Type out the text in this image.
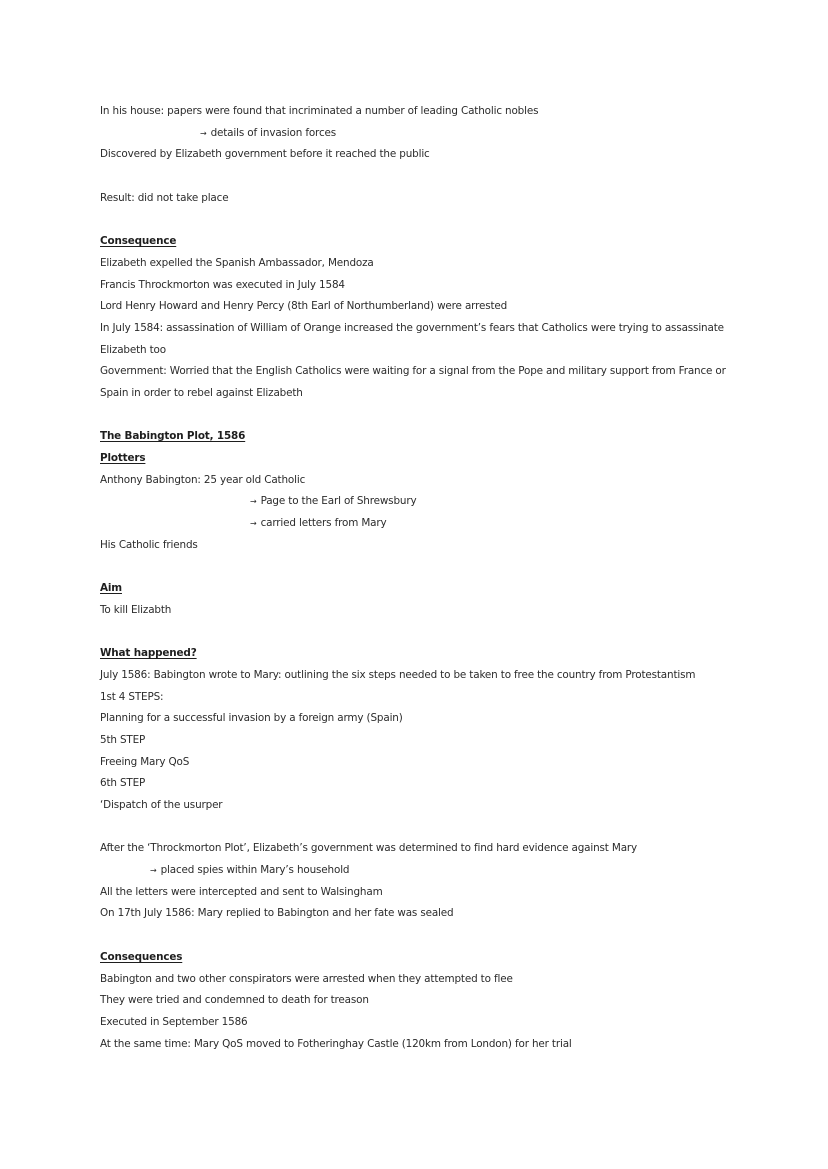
In his house: papers were found that incriminated a number of leading Catholic nobles
→ details of invasion forces
Discovered by Elizabeth government before it reached the public
Result: did not take place
Consequence
Elizabeth expelled the Spanish Ambassador, Mendoza
Francis Throckmorton was executed in July 1584
Lord Henry Howard and Henry Percy (8th Earl of Northumberland) were arrested
In July 1584: assassination of William of Orange increased the government’s fears that Catholics were trying to assassinate
Elizabeth too
Government: Worried that the English Catholics were waiting for a signal from the Pope and military support from France or
Spain in order to rebel against Elizabeth
The Babington Plot, 1586
Plotters
Anthony Babington: 25 year old Catholic
→ Page to the Earl of Shrewsbury
→ carried letters from Mary
His Catholic friends
Aim
To kill Elizabth
What happened?
July 1586: Babington wrote to Mary: outlining the six steps needed to be taken to free the country from Protestantism
1st 4 STEPS:
Planning for a successful invasion by a foreign army (Spain)
5th STEP
Freeing Mary QoS
6th STEP
‘Dispatch of the usurper
After the ‘Throckmorton Plot’, Elizabeth’s government was determined to find hard evidence against Mary
→ placed spies within Mary’s household
All the letters were intercepted and sent to Walsingham
On 17th July 1586: Mary replied to Babington and her fate was sealed
Consequences
Babington and two other conspirators were arrested when they attempted to flee
They were tried and condemned to death for treason
Executed in September 1586
At the same time: Mary QoS moved to Fotheringhay Castle (120km from London) for her trial
